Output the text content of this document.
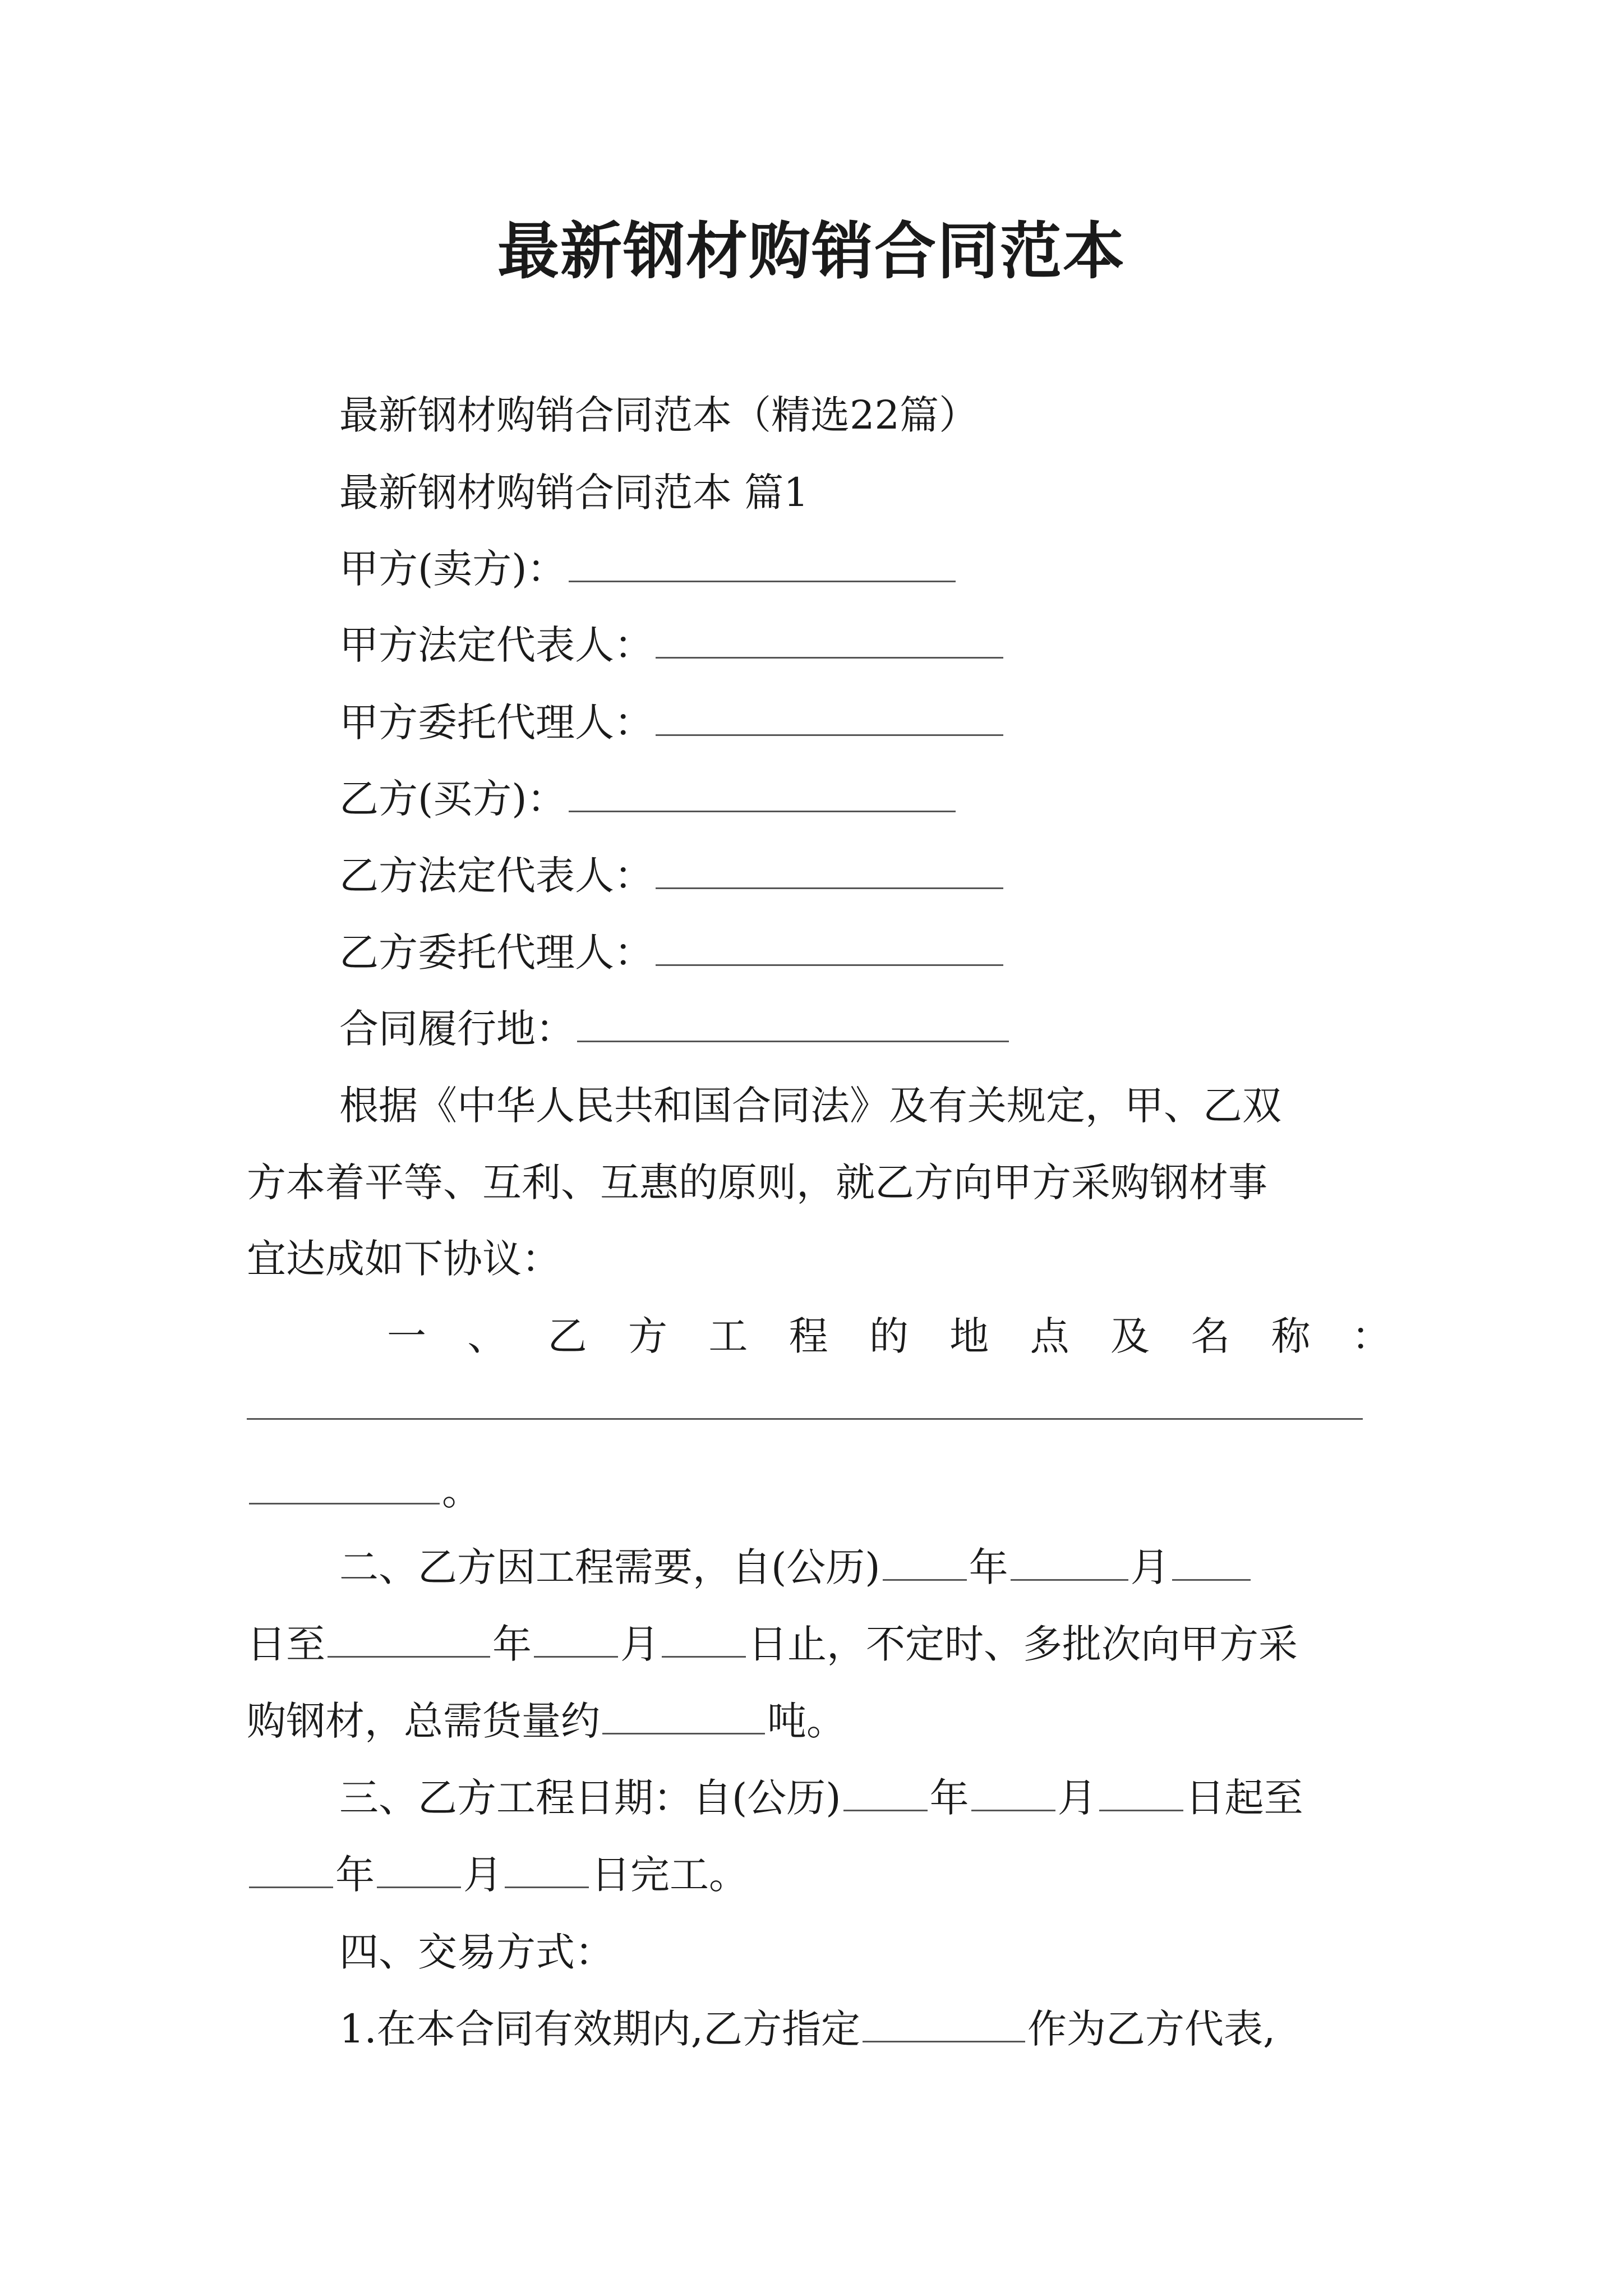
最新钢材购销合同范本
最新钢材购销合同范本（精选22篇）
最新钢材购销合同范本 篇1
甲方(卖方)：
甲方法定代表人：
甲方委托代理人：
乙方(买方)：
乙方法定代表人：
乙方委托代理人：
合同履行地：
根据《中华人民共和国合同法》及有关规定，甲、乙双
方本着平等、互利、互惠的原则，就乙方向甲方采购钢材事
宜达成如下协议：
一 、 乙 方 工 程 的 地 点 及 名 称 ：
。
二、乙方因工程需要，自(公历) 年	月
日至	年 月 日止，不定时、多批次向甲方采
购钢材，总需货量约	吨。
三、乙方工程日期：自(公历) 年 月 日起至
年 月 日完工。
四、交易方式：
1.在本合同有效期内,乙方指定	作为乙方代表,
